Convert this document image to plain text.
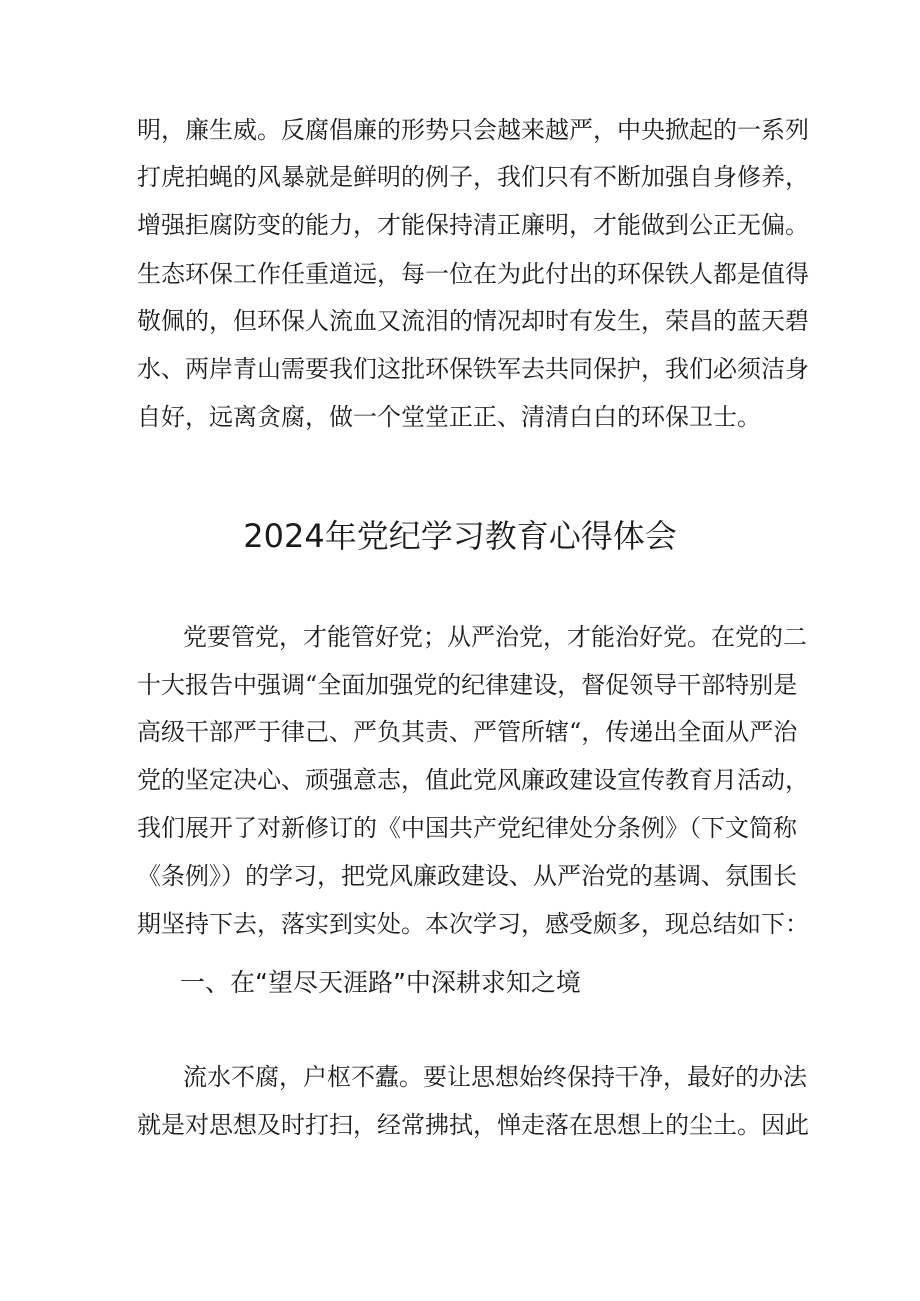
明，廉生威。反腐倡廉的形势只会越来越严，中央掀起的一系列
打虎拍蝇的风暴就是鲜明的例子，我们只有不断加强自身修养，
增强拒腐防变的能力，才能保持清正廉明，才能做到公正无偏。
生态环保工作任重道远，每一位在为此付出的环保铁人都是值得
敬佩的，但环保人流血又流泪的情况却时有发生，荣昌的蓝天碧
水、两岸青山需要我们这批环保铁军去共同保护，我们必须洁身
自好，远离贪腐，做一个堂堂正正、清清白白的环保卫士。
2024年党纪学习教育心得体会
党要管党，才能管好党；从严治党，才能治好党。在党的二
十大报告中强调“全面加强党的纪律建设，督促领导干部特别是
高级干部严于律己、严负其责、严管所辖“，传递出全面从严治
党的坚定决心、顽强意志，值此党风廉政建设宣传教育月活动，
我们展开了对新修订的《中国共产党纪律处分条例》（下文简称
《条例》）的学习，把党风廉政建设、从严治党的基调、氛围长
期坚持下去，落实到实处。本次学习，感受颇多，现总结如下：
一、在“望尽天涯路”中深耕求知之境
流水不腐，户枢不蠹。要让思想始终保持干净，最好的办法
就是对思想及时打扫，经常拂拭，惮走落在思想上的尘土。因此
